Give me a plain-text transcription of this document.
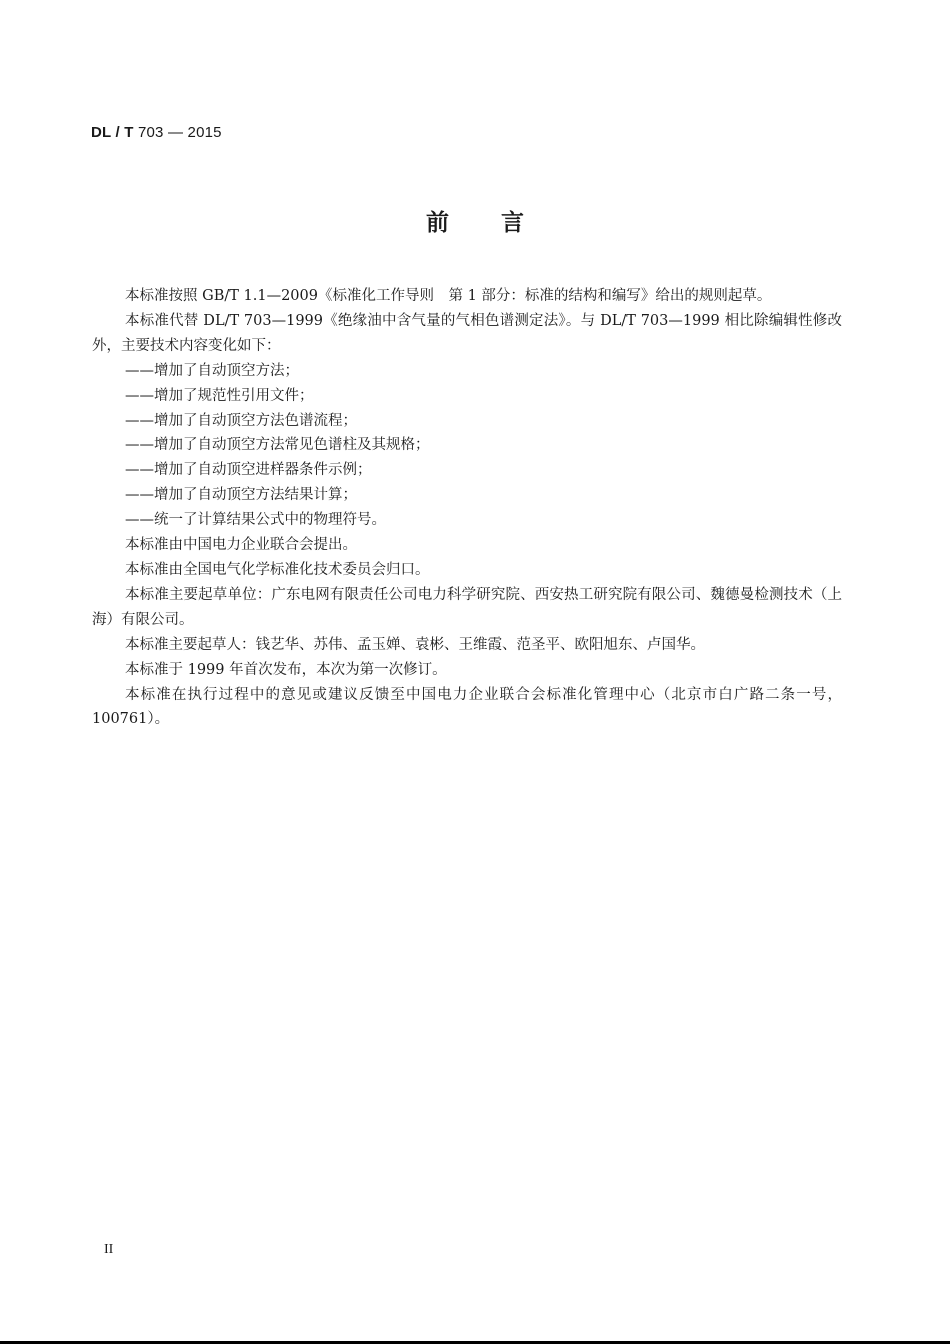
DL / T 703 — 2015
前言

本标准按照 GB/T 1.1—2009《标准化工作导则　第 1 部分：标准的结构和编写》给出的规则起草。

本标准代替 DL/T 703—1999《绝缘油中含气量的气相色谱测定法》。与 DL/T 703—1999 相比除编辑性修改外，主要技术内容变化如下：

——增加了自动顶空方法；

——增加了规范性引用文件；

——增加了自动顶空方法色谱流程；

——增加了自动顶空方法常见色谱柱及其规格；

——增加了自动顶空进样器条件示例；

——增加了自动顶空方法结果计算；

——统一了计算结果公式中的物理符号。

本标准由中国电力企业联合会提出。

本标准由全国电气化学标准化技术委员会归口。

本标准主要起草单位：广东电网有限责任公司电力科学研究院、西安热工研究院有限公司、魏德曼检测技术（上海）有限公司。

本标准主要起草人：钱艺华、苏伟、孟玉婵、袁彬、王维霞、范圣平、欧阳旭东、卢国华。

本标准于 1999 年首次发布，本次为第一次修订。

本标准在执行过程中的意见或建议反馈至中国电力企业联合会标准化管理中心（北京市白广路二条一号，100761）。

II
